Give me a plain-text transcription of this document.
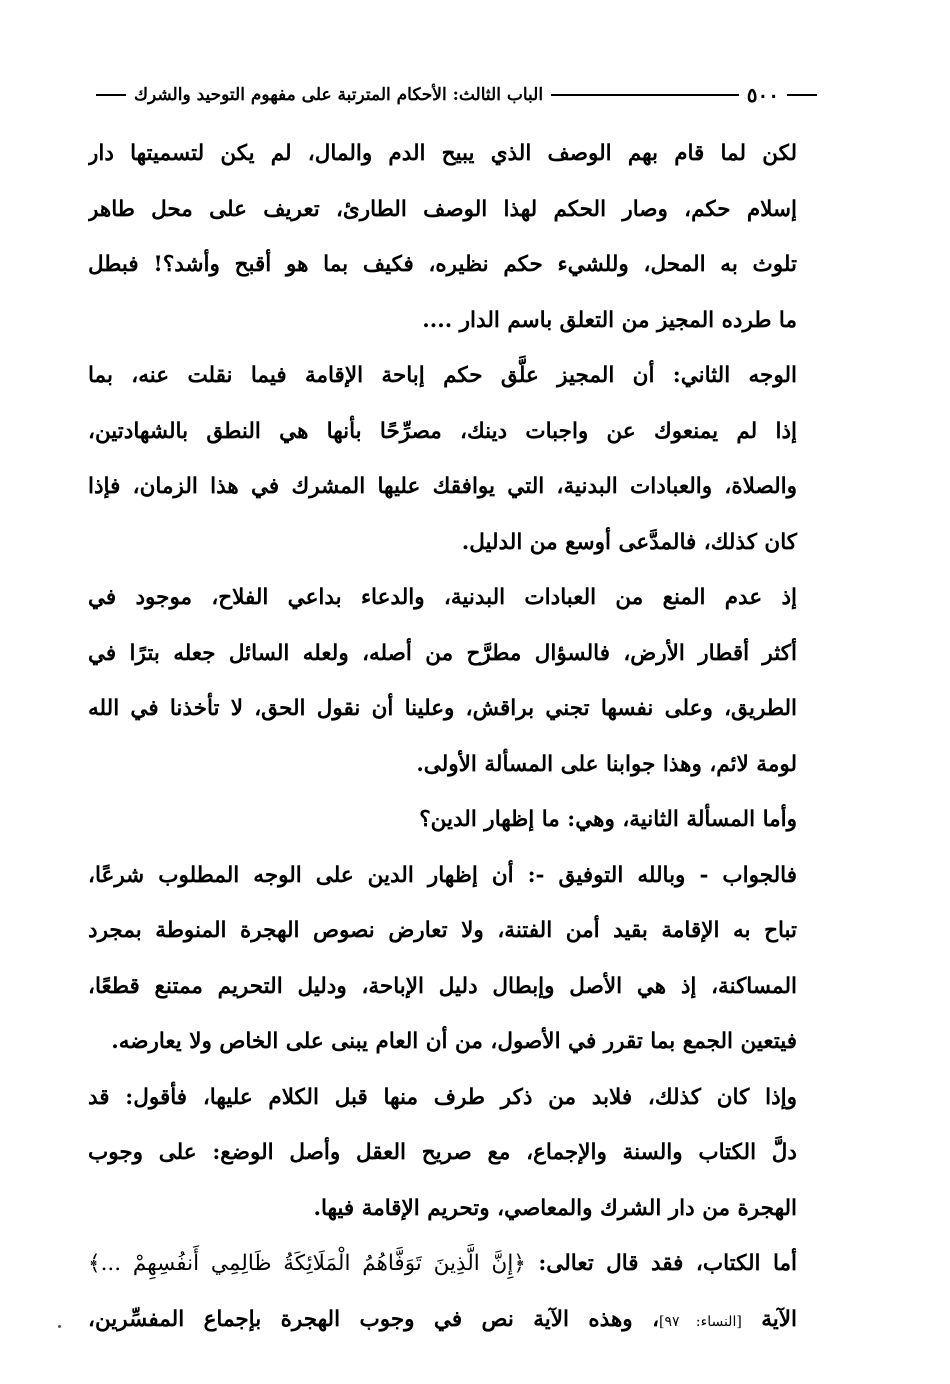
٥٠٠
الباب الثالث: الأحكام المترتبة على مفهوم التوحيد والشرك

لكن لما قام بهم الوصف الذي يبيح الدم والمال، لم يكن لتسميتها دار
إسلام حكم، وصار الحكم لهذا الوصف الطارئ، تعريف على محل طاهر
تلوث به المحل، وللشيء حكم نظيره، فكيف بما هو أقبح وأشد؟! فبطل
ما طرده المجيز من التعلق باسم الدار ....

الوجه الثاني: أن المجيز علَّق حكم إباحة الإقامة فيما نقلت عنه، بما
إذا لم يمنعوك عن واجبات دينك، مصرِّحًا بأنها هي النطق بالشهادتين،
والصلاة، والعبادات البدنية، التي يوافقك عليها المشرك في هذا الزمان، فإذا
كان كذلك، فالمدَّعى أوسع من الدليل.

إذ عدم المنع من العبادات البدنية، والدعاء بداعي الفلاح، موجود في
أكثر أقطار الأرض، فالسؤال مطرَّح من أصله، ولعله السائل جعله بترًا في
الطريق، وعلى نفسها تجني براقش، وعلينا أن نقول الحق، لا تأخذنا في الله
لومة لائم، وهذا جوابنا على المسألة الأولى.

وأما المسألة الثانية، وهي: ما إظهار الدين؟

فالجواب - وبالله التوفيق -: أن إظهار الدين على الوجه المطلوب شرعًا،
تباح به الإقامة بقيد أمن الفتنة، ولا تعارض نصوص الهجرة المنوطة بمجرد
المساكنة، إذ هي الأصل وإبطال دليل الإباحة، ودليل التحريم ممتنع قطعًا،
فيتعين الجمع بما تقرر في الأصول، من أن العام يبنى على الخاص ولا يعارضه.

وإذا كان كذلك، فلابد من ذكر طرف منها قبل الكلام عليها، فأقول: قد
دلَّ الكتاب والسنة والإجماع، مع صريح العقل وأصل الوضع: على وجوب
الهجرة من دار الشرك والمعاصي، وتحريم الإقامة فيها.

أما الكتاب، فقد قال تعالى: ﴿إِنَّ الَّذِينَ تَوَفَّاهُمُ الْمَلَائِكَةُ ظَالِمِي أَنفُسِهِمْ ...﴾
الآية [النساء: ٩٧]، وهذه الآية نص في وجوب الهجرة بإجماع المفسِّرين،
